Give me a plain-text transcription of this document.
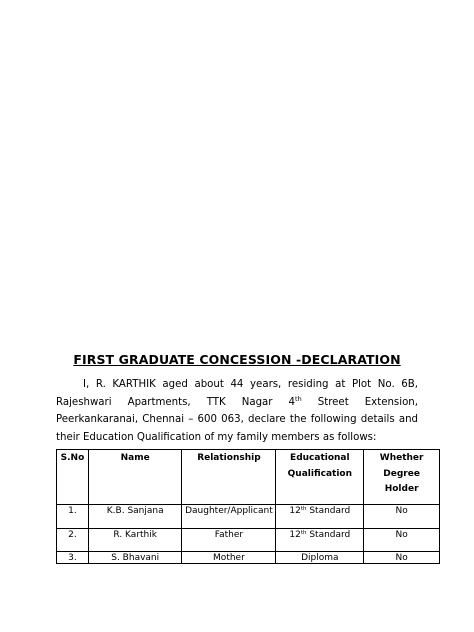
FIRST GRADUATE CONCESSION -DECLARATION

I, R. KARTHIK aged about 44 years, residing at Plot No. 6B, Rajeshwari Apartments, TTK Nagar 4th Street Extension, Peerkankaranai, Chennai – 600 063, declare the following details and their Education Qualification of my family members as follows:

S.No	Name	Relationship	Educational Qualification	Whether Degree Holder
1.	K.B. Sanjana	Daughter/Applicant	12th Standard	No
2.	R. Karthik	Father	12th Standard	No
3.	S. Bhavani	Mother	Diploma	No
